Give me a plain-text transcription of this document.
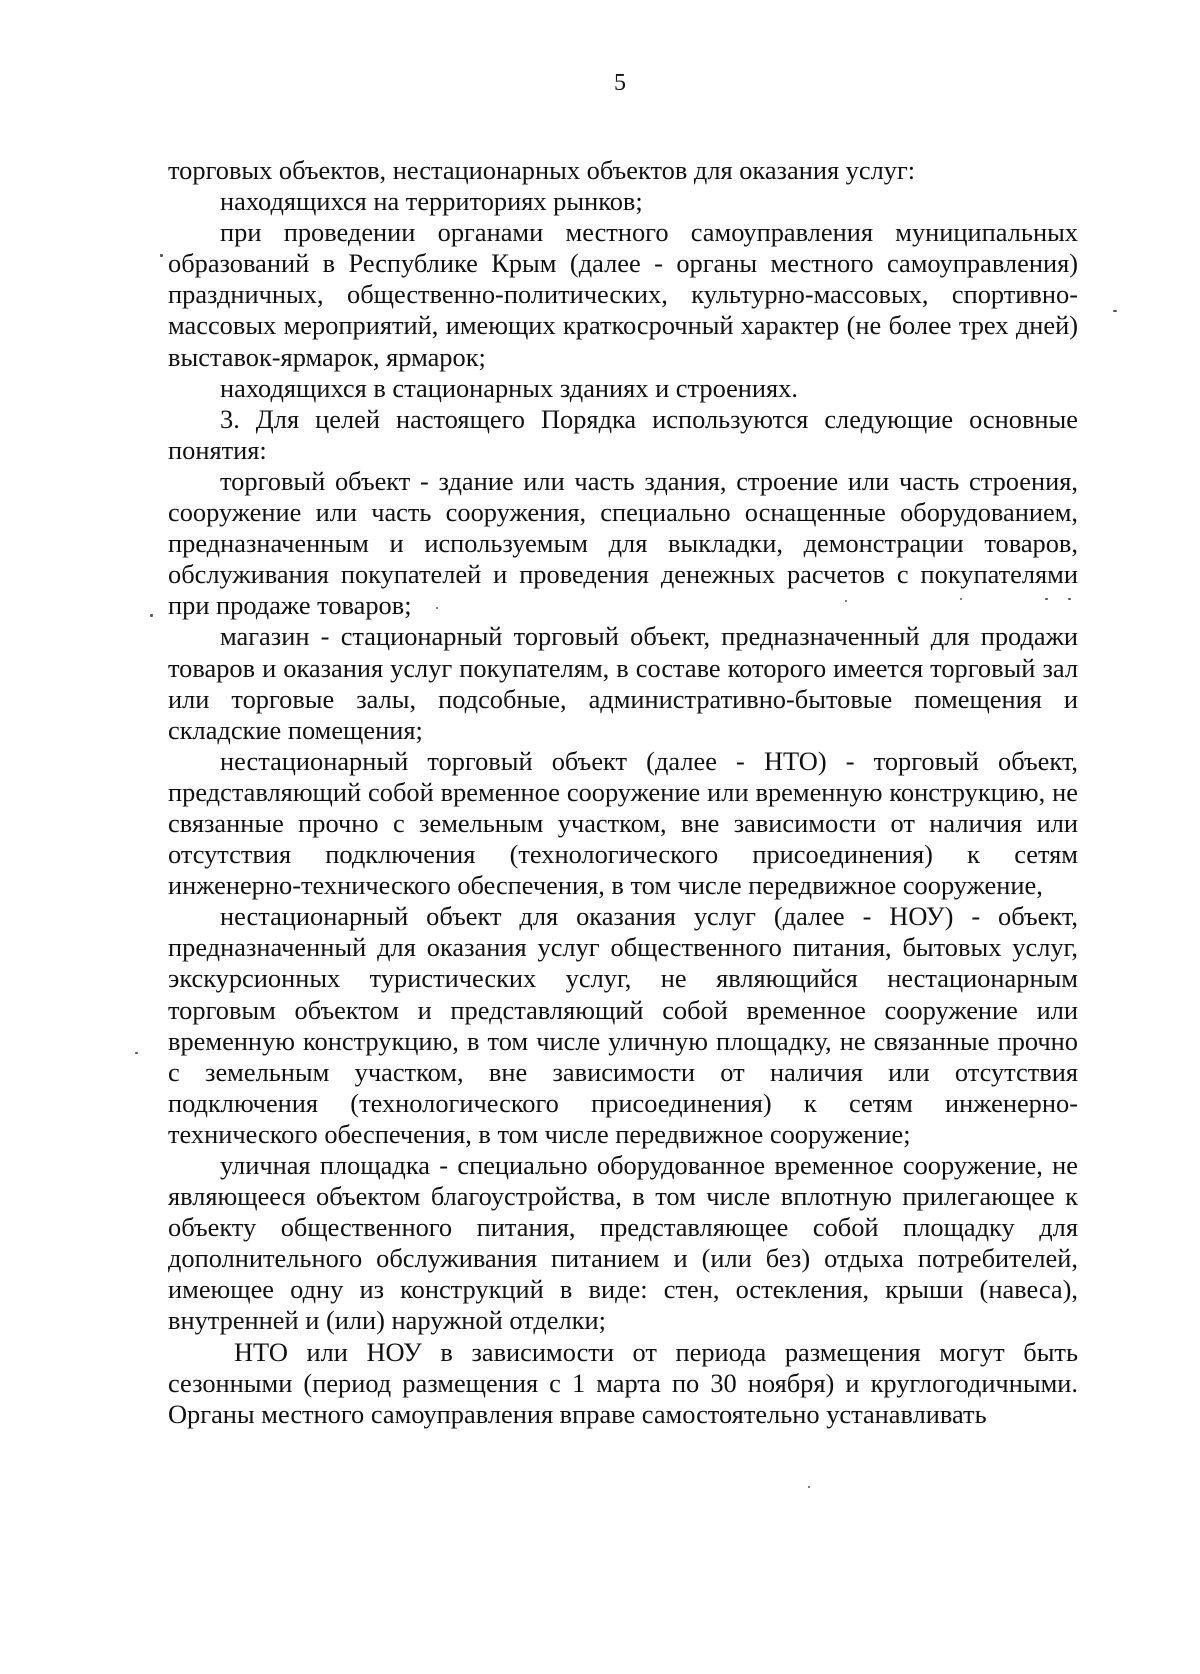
5

торговых объектов, нестационарных объектов для оказания услуг:

находящихся на территориях рынков;

при проведении органами местного самоуправления муниципальных образований в Республике Крым (далее - органы местного самоуправления) праздничных, общественно-политических, культурно-массовых, спортивно-массовых мероприятий, имеющих краткосрочный характер (не более трех дней) выставок-ярмарок, ярмарок;

находящихся в стационарных зданиях и строениях.

3. Для целей настоящего Порядка используются следующие основные понятия:

торговый объект - здание или часть здания, строение или часть строения, сооружение или часть сооружения, специально оснащенные оборудованием, предназначенным и используемым для выкладки, демонстрации товаров, обслуживания покупателей и проведения денежных расчетов с покупателями при продаже товаров;

магазин - стационарный торговый объект, предназначенный для продажи товаров и оказания услуг покупателям, в составе которого имеется торговый зал или торговые залы, подсобные, административно-бытовые помещения и складские помещения;

нестационарный торговый объект (далее - НТО) - торговый объект, представляющий собой временное сооружение или временную конструкцию, не связанные прочно с земельным участком, вне зависимости от наличия или отсутствия подключения (технологического присоединения) к сетям инженерно-технического обеспечения, в том числе передвижное сооружение,

нестационарный объект для оказания услуг (далее - НОУ) - объект, предназначенный для оказания услуг общественного питания, бытовых услуг, экскурсионных туристических услуг, не являющийся нестационарным торговым объектом и представляющий собой временное сооружение или временную конструкцию, в том числе уличную площадку, не связанные прочно с земельным участком, вне зависимости от наличия или отсутствия подключения (технологического присоединения) к сетям инженерно-технического обеспечения, в том числе передвижное сооружение;

уличная площадка - специально оборудованное временное сооружение, не являющееся объектом благоустройства, в том числе вплотную прилегающее к объекту общественного питания, представляющее собой площадку для дополнительного обслуживания питанием и (или без) отдыха потребителей, имеющее одну из конструкций в виде: стен, остекления, крыши (навеса), внутренней и (или) наружной отделки;

НТО или НОУ в зависимости от периода размещения могут быть сезонными (период размещения с 1 марта по 30 ноября) и круглогодичными. Органы местного самоуправления вправе самостоятельно устанавливать
